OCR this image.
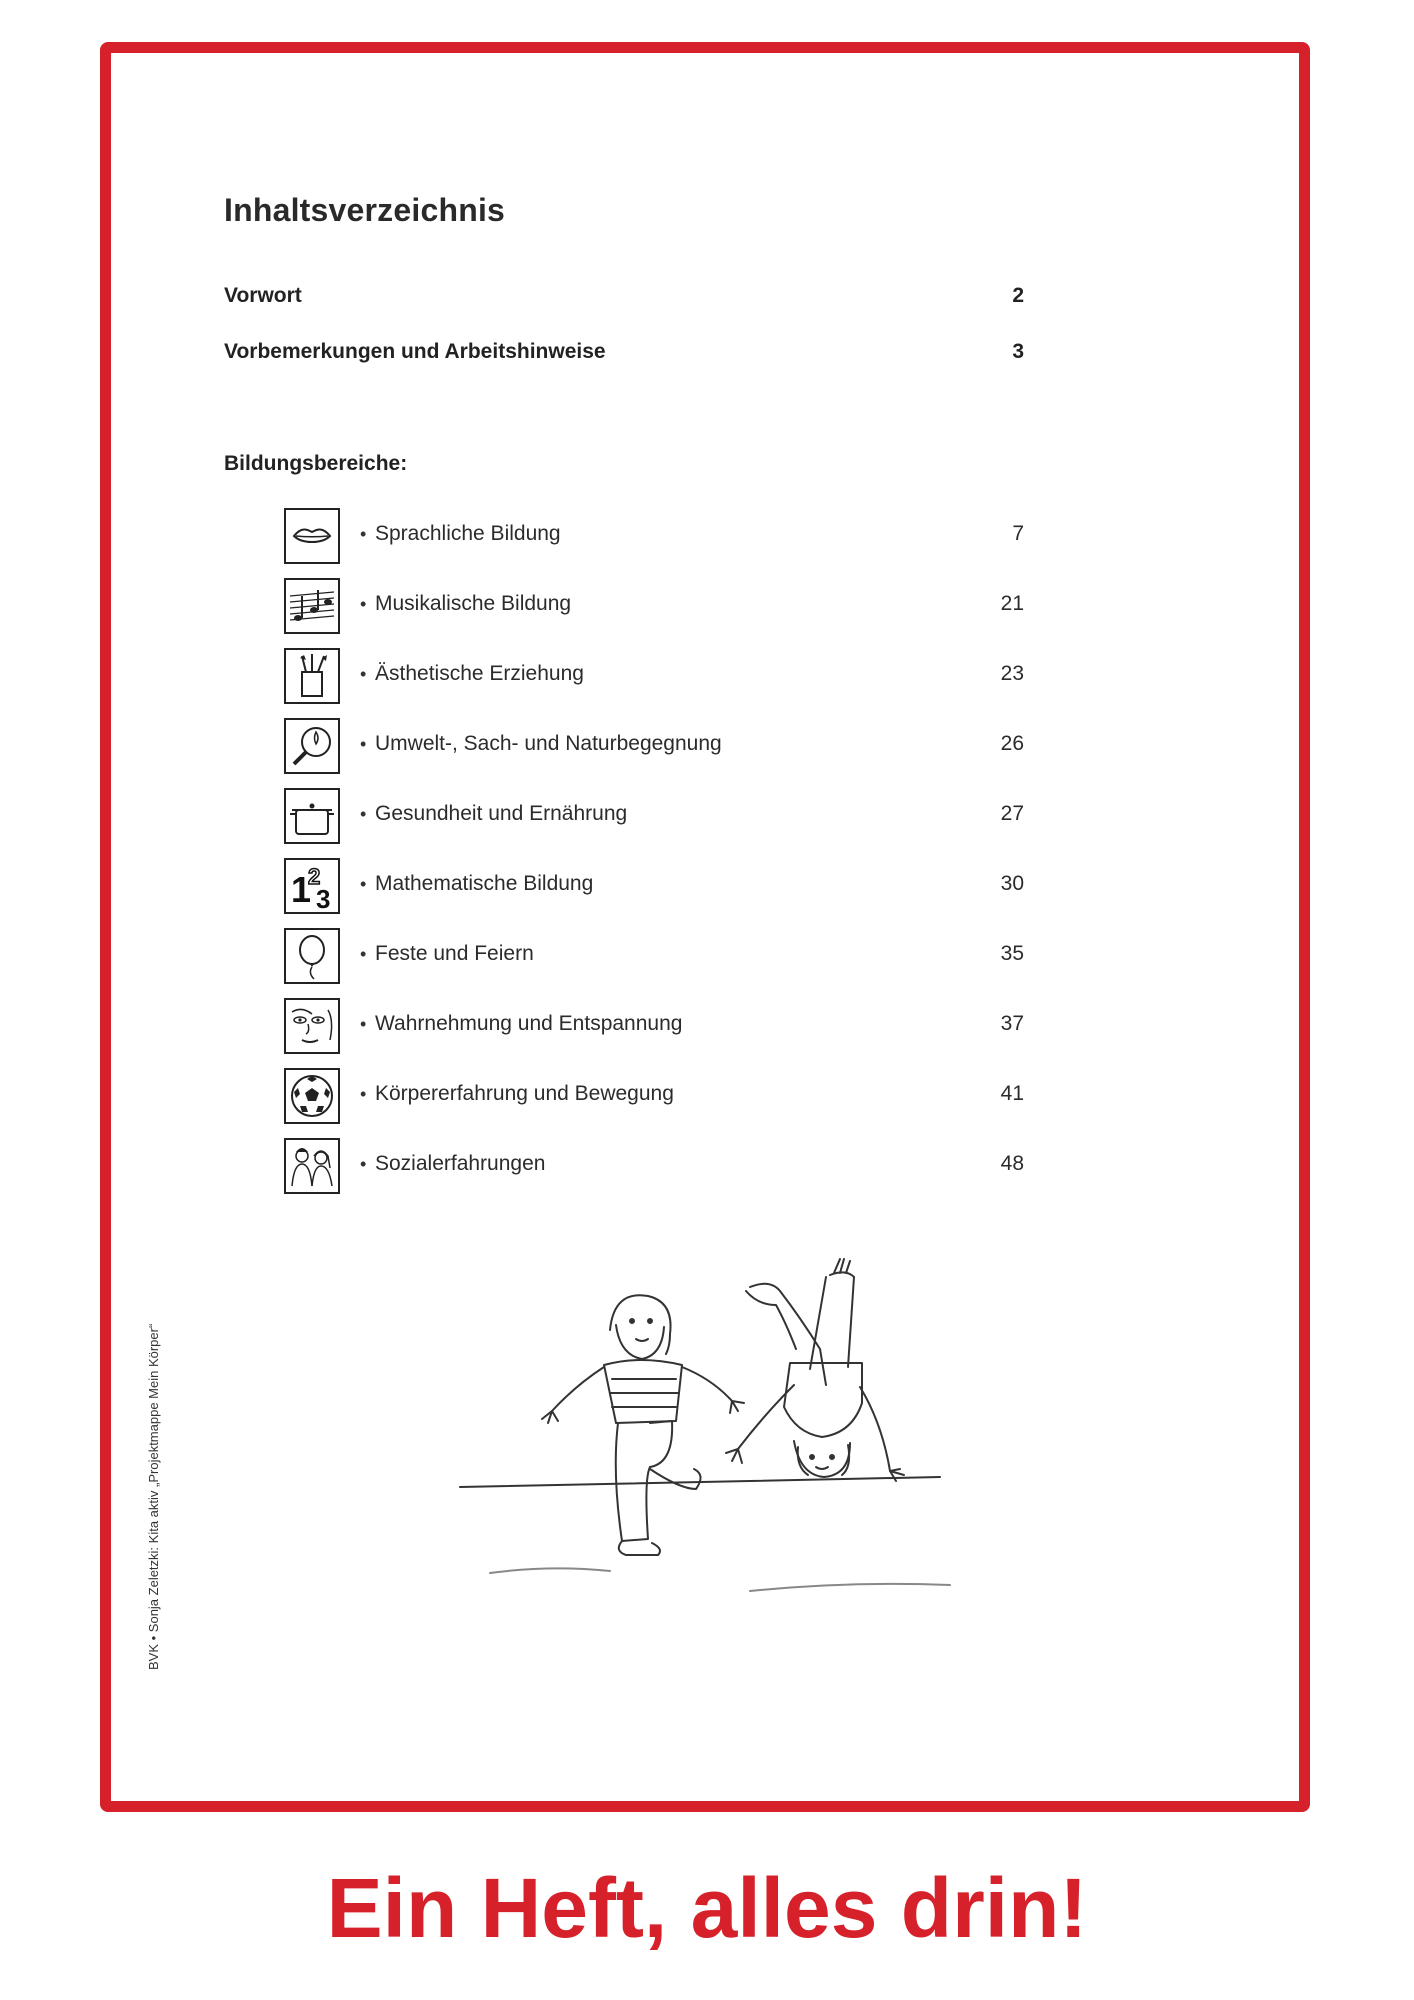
Inhaltsverzeichnis
Vorwort	2
Vorbemerkungen und Arbeitshinweise	3
Bildungsbereiche:
• Sprachliche Bildung	7
• Musikalische Bildung	21
• Ästhetische Erziehung	23
• Umwelt-, Sach- und Naturbegegnung	26
• Gesundheit und Ernährung	27
1
2
3 • Mathematische Bildung	30
• Feste und Feiern	35
• Wahrnehmung und Entspannung	37
• Körpererfahrung und Bewegung	41
• Sozialerfahrungen	48
BVK • Sonja Zeletzki: Kita aktiv „Projektmappe Mein Körper“
Ein Heft, alles drin!
